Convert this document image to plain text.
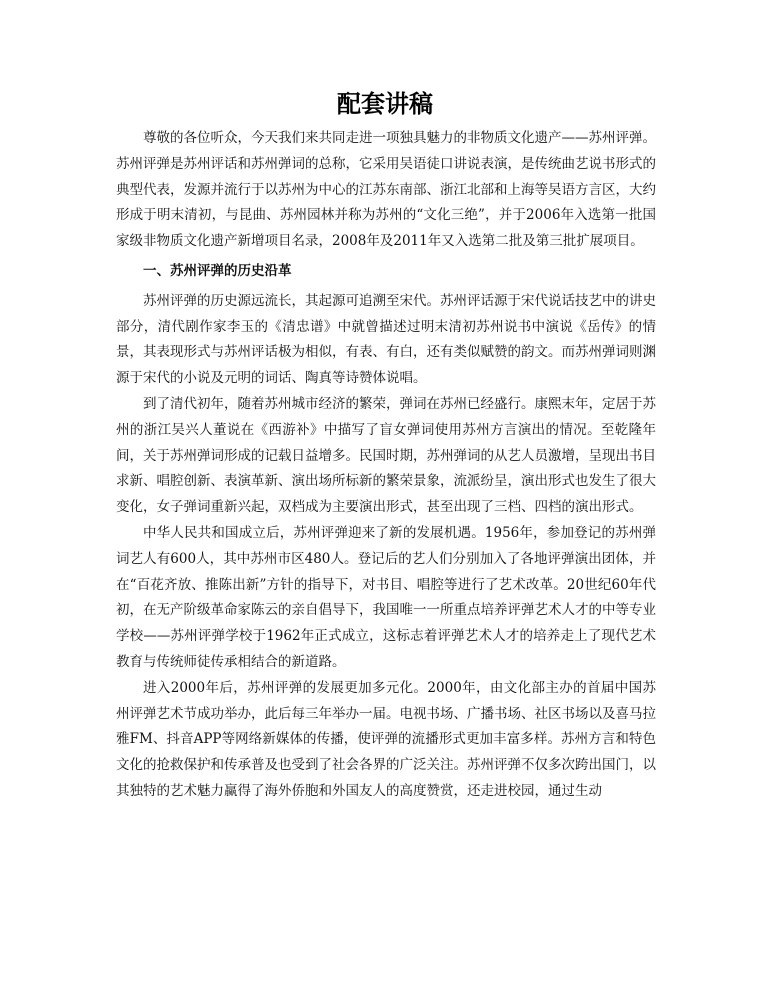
配套讲稿

尊敬的各位听众，今天我们来共同走进一项独具魅力的非物质文化遗产——苏州评弹。苏州评弹是苏州评话和苏州弹词的总称，它采用吴语徒口讲说表演，是传统曲艺说书形式的典型代表，发源并流行于以苏州为中心的江苏东南部、浙江北部和上海等吴语方言区，大约形成于明末清初，与昆曲、苏州园林并称为苏州的“文化三绝”，并于2006年入选第一批国家级非物质文化遗产新增项目名录，2008年及2011年又入选第二批及第三批扩展项目。

一、苏州评弹的历史沿革

苏州评弹的历史源远流长，其起源可追溯至宋代。苏州评话源于宋代说话技艺中的讲史部分，清代剧作家李玉的《清忠谱》中就曾描述过明末清初苏州说书中演说《岳传》的情景，其表现形式与苏州评话极为相似，有表、有白，还有类似赋赞的韵文。而苏州弹词则渊源于宋代的小说及元明的词话、陶真等诗赞体说唱。

到了清代初年，随着苏州城市经济的繁荣，弹词在苏州已经盛行。康熙末年，定居于苏州的浙江吴兴人董说在《西游补》中描写了盲女弹词使用苏州方言演出的情况。至乾隆年间，关于苏州弹词形成的记载日益增多。民国时期，苏州弹词的从艺人员激增，呈现出书目求新、唱腔创新、表演革新、演出场所标新的繁荣景象，流派纷呈，演出形式也发生了很大变化，女子弹词重新兴起，双档成为主要演出形式，甚至出现了三档、四档的演出形式。

中华人民共和国成立后，苏州评弹迎来了新的发展机遇。1956年，参加登记的苏州弹词艺人有600人，其中苏州市区480人。登记后的艺人们分别加入了各地评弹演出团体，并在“百花齐放、推陈出新”方针的指导下，对书目、唱腔等进行了艺术改革。20世纪60年代初，在无产阶级革命家陈云的亲自倡导下，我国唯一一所重点培养评弹艺术人才的中等专业学校——苏州评弹学校于1962年正式成立，这标志着评弹艺术人才的培养走上了现代艺术教育与传统师徒传承相结合的新道路。

进入2000年后，苏州评弹的发展更加多元化。2000年，由文化部主办的首届中国苏州评弹艺术节成功举办，此后每三年举办一届。电视书场、广播书场、社区书场以及喜马拉雅FM、抖音APP等网络新媒体的传播，使评弹的流播形式更加丰富多样。苏州方言和特色文化的抢救保护和传承普及也受到了社会各界的广泛关注。苏州评弹不仅多次跨出国门，以其独特的艺术魅力赢得了海外侨胞和外国友人的高度赞赏，还走进校园，通过生动
